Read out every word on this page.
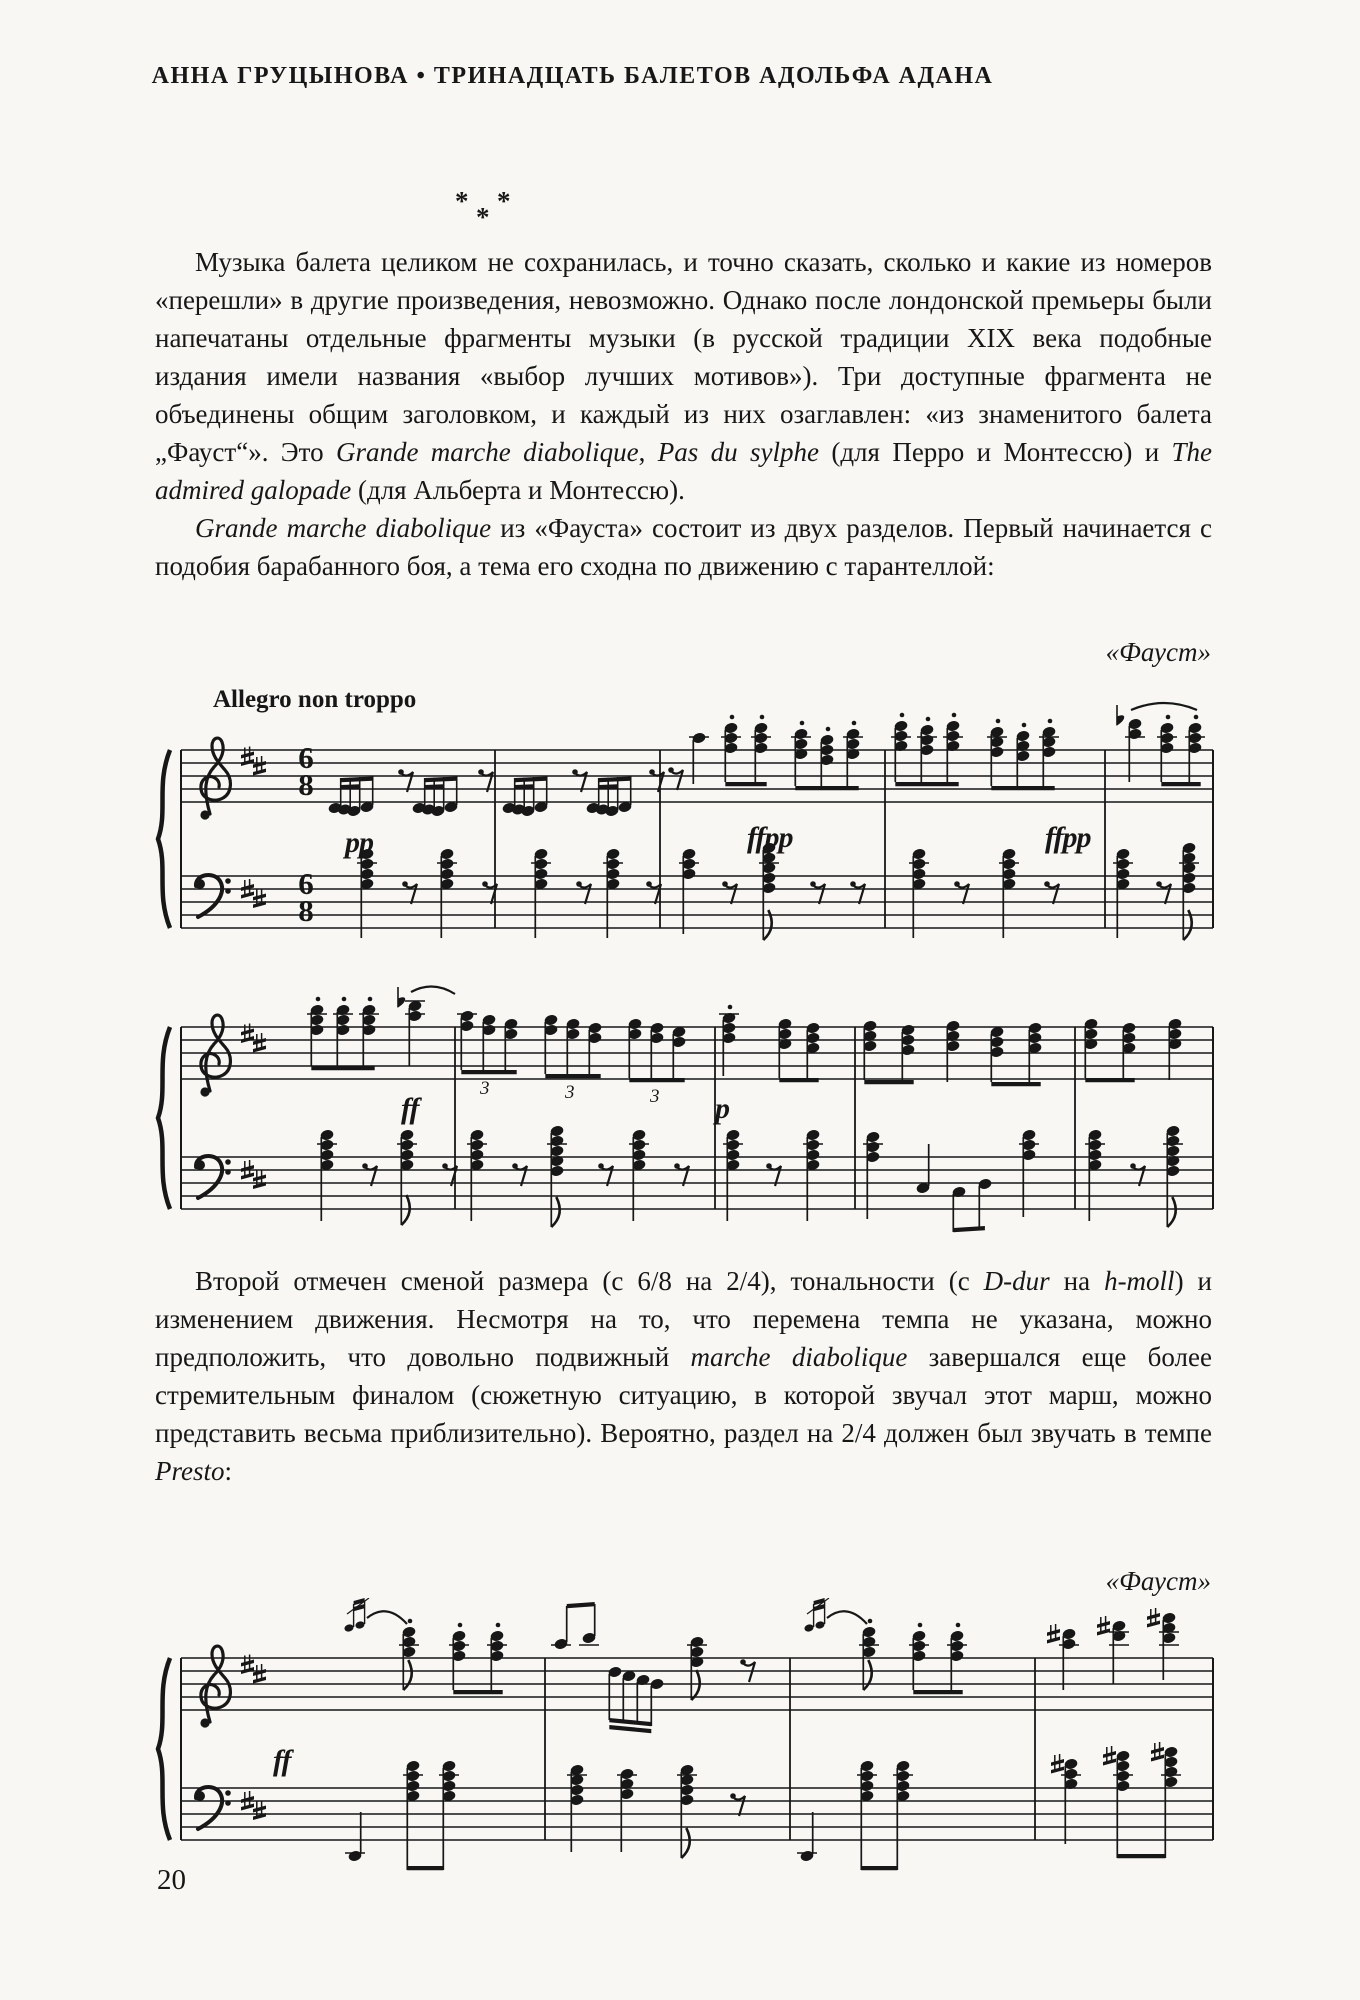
АННА ГРУЦЫНОВА • ТРИНАДЦАТЬ БАЛЕТОВ АДОЛЬФА АДАНА
*
*
*

Музыка балета целиком не сохранилась, и точно сказать, сколько и какие из номеров «перешли» в другие произведения, невозможно. Однако после лондонской премьеры были напечатаны отдельные фрагменты музыки (в русской традиции XIX века подобные издания имели названия «выбор лучших мотивов»). Три доступные фрагмента не объединены общим заголовком, и каждый из них озаглавлен: «из знаменитого балета „Фауст“». Это Grande marche diabolique, Pas du sylphe (для Перро и Монтессю) и The admired galopade (для Альберта и Монтессю).

Grande marche diabolique из «Фауста» состоит из двух разделов. Первый начинается с подобия барабанного боя, а тема его сходна по движению с тарантеллой:

«Фауст»
Allegro non troppo
6
8
6
8
pp	ffpp	ffpp
ff
3	3	3 p

Второй отмечен сменой размера (с 6/8 на 2/4), тональности (с D-dur на h-moll) и изменением движения. Несмотря на то, что перемена темпа не указана, можно предположить, что довольно подвижный marche diabolique завершался еще более стремительным финалом (сюжетную ситуацию, в которой звучал этот марш, можно представить весьма приблизительно). Вероятно, раздел на 2/4 должен был звучать в темпе Presto:

«Фауст»
ff
20
